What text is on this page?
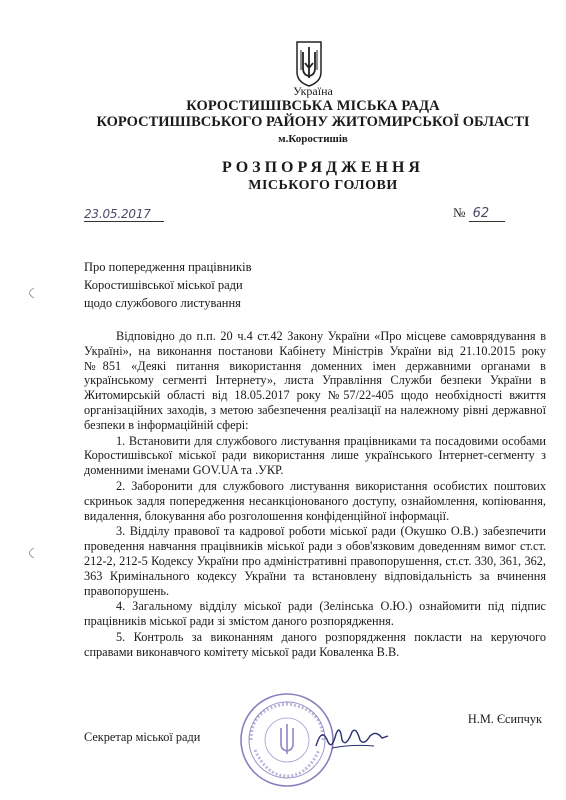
Україна
КОРОСТИШІВСЬКА МІСЬКА РАДА
КОРОСТИШІВСЬКОГО РАЙОНУ ЖИТОМИРСЬКОЇ ОБЛАСТІ
м.Коростишів
РОЗПОРЯДЖЕННЯ
МІСЬКОГО ГОЛОВИ
23.05.2017	№ 62
Про попередження працівників
Коростишівської міської ради
щодо службового листування

Відповідно до п.п. 20 ч.4 ст.42 Закону України «Про місцеве самоврядування в Україні», на виконання постанови Кабінету Міністрів України від 21.10.2015 року №851 «Деякі питання використання доменних імен державними органами в українському сегменті Інтернету», листа Управління Служби безпеки України в Житомирській області від 18.05.2017 року №57/22-405 щодо необхідності вжиття організаційних заходів, з метою забезпечення реалізації на належному рівні державної безпеки в інформаційній сфері:

1. Встановити для службового листування працівниками та посадовими особами Коростишівської міської ради використання лише українського Інтернет-сегменту з доменними іменами GOV.UA та .УКР.

2. Заборонити для службового листування використання особистих поштових скриньок задля попередження несанкціонованого доступу, ознайомлення, копіювання, видалення, блокування або розголошення конфіденційної інформації.

3. Відділу правової та кадрової роботи міської ради (Окушко О.В.) забезпечити проведення навчання працівників міської ради з обов'язковим доведенням вимог ст.ст. 212-2, 212-5 Кодексу України про адміністративні правопорушення, ст.ст. 330, 361, 362, 363 Кримінального кодексу України та встановлену відповідальність за вчинення правопорушень.

4. Загальному відділу міської ради (Зелінська О.Ю.) ознайомити під підпис працівників міської ради зі змістом даного розпорядження.

5. Контроль за виконанням даного розпорядження покласти на керуючого справами виконавчого комітету міської ради Коваленка В.В.

Секретар міської ради
Н.М. Єсипчук
